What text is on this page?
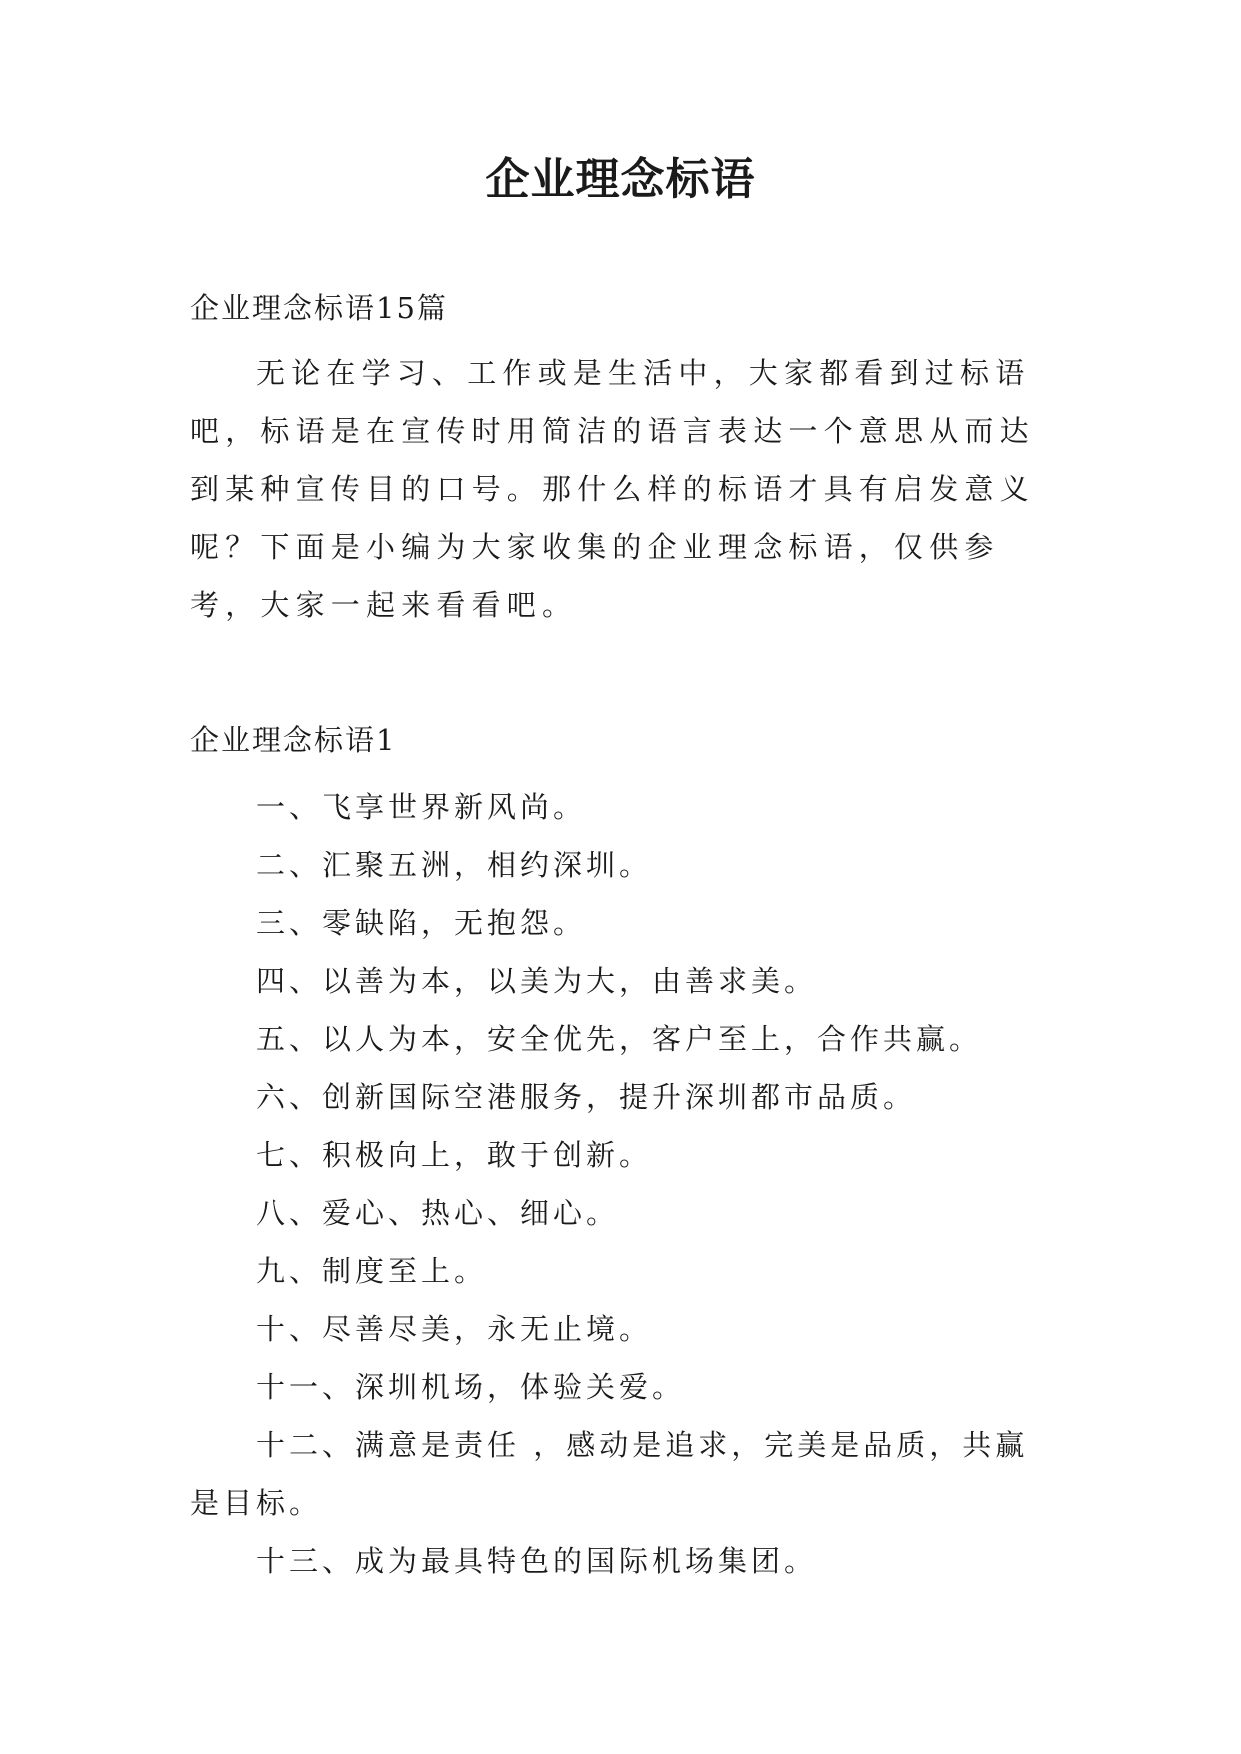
企业理念标语

企业理念标语15篇

无论在学习、工作或是生活中，大家都看到过标语吧，标语是在宣传时用简洁的语言表达一个意思从而达到某种宣传目的口号。那什么样的标语才具有启发意义呢？下面是小编为大家收集的企业理念标语，仅供参考，大家一起来看看吧。

企业理念标语1

一、飞享世界新风尚。
二、汇聚五洲，相约深圳。
三、零缺陷，无抱怨。
四、以善为本，以美为大，由善求美。
五、以人为本，安全优先，客户至上，合作共赢。
六、创新国际空港服务，提升深圳都市品质。
七、积极向上，敢于创新。
八、爱心、热心、细心。
九、制度至上。
十、尽善尽美，永无止境。
十一、深圳机场，体验关爱。
十二、满意是责任 ，感动是追求，完美是品质，共赢是目标。
十三、成为最具特色的国际机场集团。
